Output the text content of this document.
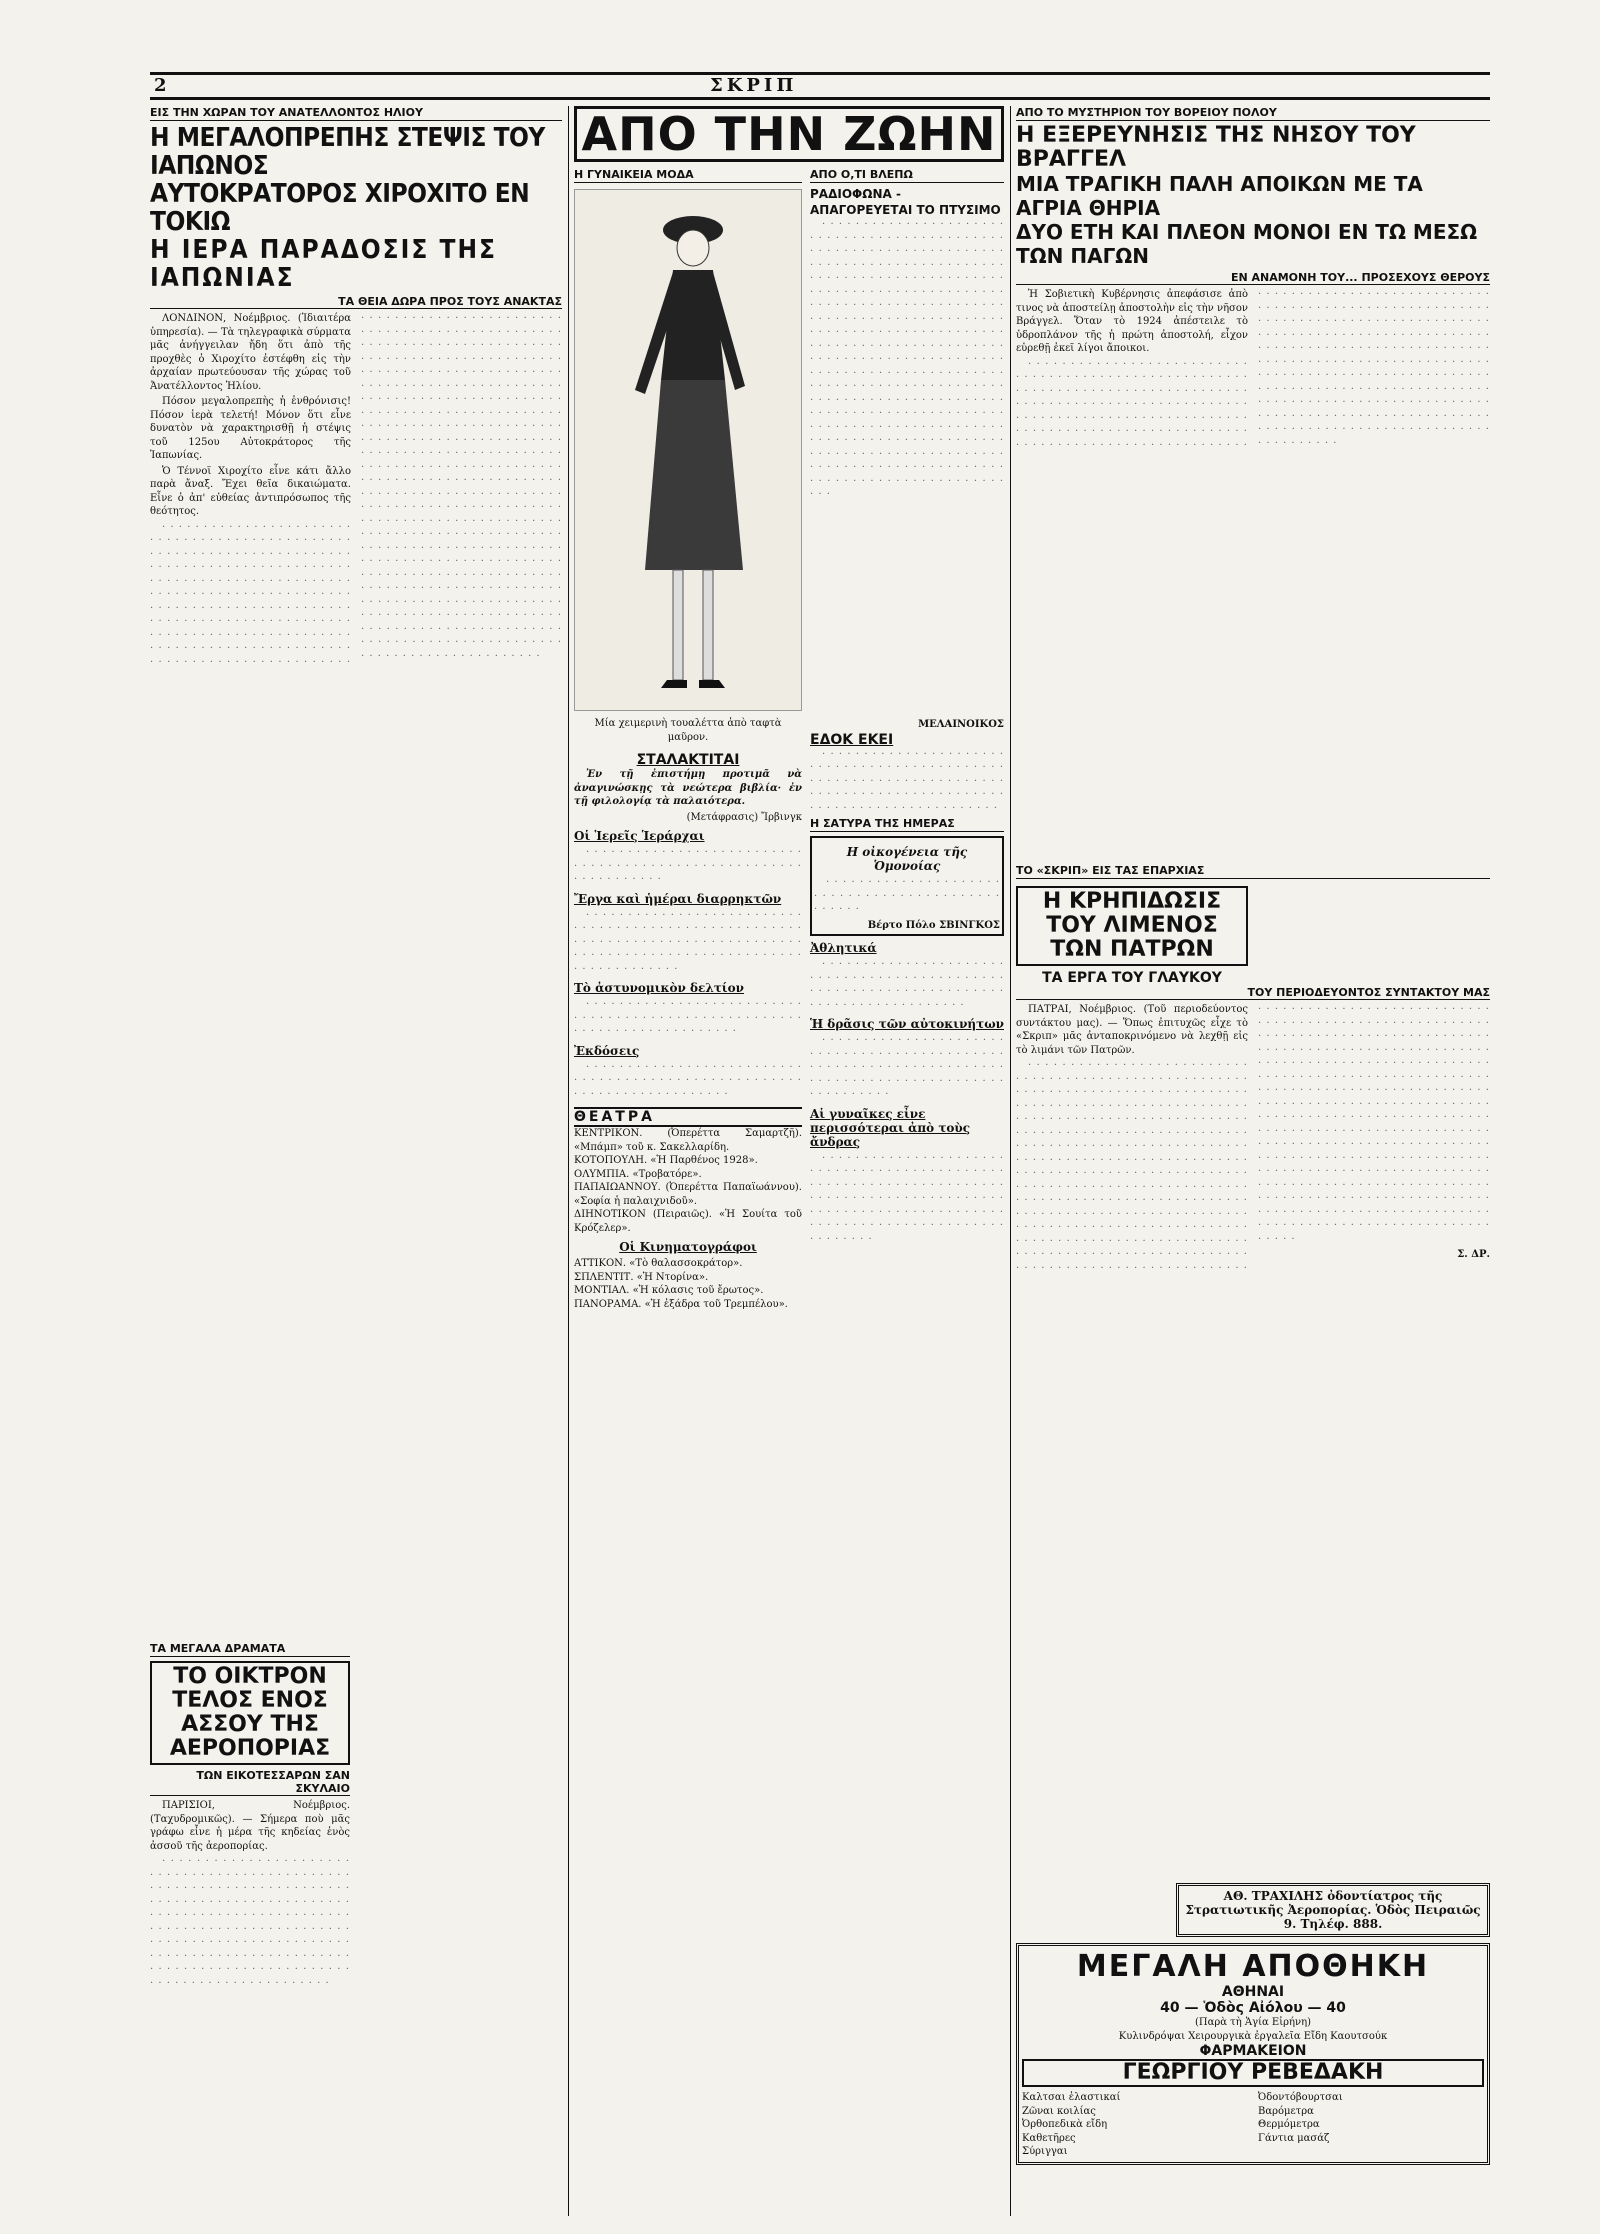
2	ΣΚΡΙΠ
ΕΙΣ ΤΗΝ ΧΩΡΑΝ ΤΟΥ ΑΝΑΤΕΛΛΟΝΤΟΣ ΗΛΙΟΥ
Η ΜΕΓΑΛΟΠΡΕΠΗΣ ΣΤΕΨΙΣ ΤΟΥ ΙΑΠΩΝΟΣ
ΑΥΤΟΚΡΑΤΟΡΟΣ ΧΙΡΟΧΙΤΟ ΕΝ ΤΟΚΙΩ
Η ΙΕΡΑ ΠΑΡΑΔΟΣΙΣ ΤΗΣ ΙΑΠΩΝΙΑΣ
ΤΑ ΘΕΙΑ ΔΩΡΑ ΠΡΟΣ ΤΟΥΣ ΑΝΑΚΤΑΣ

ΛΟΝΔΙΝΟΝ, Νοέμβριος. (Ἰδιαιτέρα ὑπηρεσία). — Τὰ τηλεγραφικὰ σύρματα μᾶς ἀνήγγειλαν ἤδη ὅτι ἀπὸ τῆς προχθὲς ὁ Χιροχίτο ἐστέφθη εἰς τὴν ἀρχαίαν πρωτεύουσαν τῆς χώρας τοῦ Ἀνατέλλοντος Ἡλίου.

Πόσον μεγαλοπρεπὴς ἡ ἐνθρόνισις! Πόσον ἱερὰ τελετή! Μόνον ὅτι εἶνε δυνατὸν νὰ χαρακτηρισθῇ ἡ στέψις τοῦ 125ου Αὐτοκράτορος τῆς Ἰαπωνίας.

Ὁ Τέννοϊ Χιροχίτο εἶνε κάτι ἄλλο παρὰ ἄναξ. Ἔχει θεῖα δικαιώματα. Εἶνε ὁ ἀπ' εὐθείας ἀντιπρόσωπος τῆς θεότητος.

· · · · · · · · · · · · · · · · · · · · · · · · · · · · · · · · · · · · · · · · · · · · · · · · · · · · · · · · · · · · · · · · · · · · · · · · · · · · · · · · · · · · · · · · · · · · · · · · · · · · · · · · · · · · · · · · · · · · · · · · · · · · · · · · · · · · · · · · · · · · · · · · · · · · · · · · · · · · · · · · · · · · · · · · · · · · · · · · · · · · · · · · · · · · · · · · · · · · · · · · · · · · · · · · · · · · · · · · · · · · · · · · · · · · · · · · · · · · · · · · · · · · · · · · · · · · · · · · · · · · · · · · · · · · · · · · · · · · · · · · · · · · · · · · · · · · · · · · · · · · · · · · · · · · · · · · · · · · · · · · · · · · · · · · · · · · · · · · · · · · · · · · · · · · · · · · · · · · · · · · · · · · · · · · · · · · · · · · · · · · · · · · · · · · · · · · · · · · · · · · · · · · · · · · · · · · · · · · · · · · · · · · · · · · · · · · · · · · · · · · · · · · · · · · · · · · · · · · · · · · · · · · · · · · · · · · · · · · · · · · · · · · · · · · · · · · · · · · · · · · · · · · · · · · · · · · · · · · · · · · · · · · · · · · · · · · · · · · · · · · · · · · · · · · · · · · · · · · · · · · · · · · · · · · · · · · · · · · · · · · · · · · · · · · · · · · · · · · · · · · · · · · · · · · · · · · · · · · · · · · · · · · · · · · · · · · · · · · · · · · · · · · · · · · · · · · · · · · · · · · · · · · · · · · · · · · · · · · · · · · · · · · · · · · · · · · · · · · · · · · · · · · · · · · · · · · · · · · · · · · · · · · · · · · · · · · · · · · · · · · · · · · · · · · · · · · · · · · · · · · · · · · · · · · · · · · · · · · · · · · · · · · · · · · · · · · · · · · · · · · · · · · · · · · · · · · · · · · · · · · · · · · · · · · · · · · · · · · · · · · · · · · · · · · · · · · · · · · · · · · · · · · · · · · · · · · · · · · · · · · · · · · ·

ΤΑ ΜΕΓΑΛΑ ΔΡΑΜΑΤΑ
ΤΟ ΟΙΚΤΡΟΝ ΤΕΛΟΣ ΕΝΟΣ ΑΣΣΟΥ ΤΗΣ ΑΕΡΟΠΟΡΙΑΣ
ΤΩΝ ΕΙΚΟΤΕΣΣΑΡΩΝ ΣΑΝ ΣΚΥΛΑΙΟ

ΠΑΡΙΣΙΟΙ, Νοέμβριος. (Ταχυδρομικῶς). — Σήμερα ποὺ μᾶς γράφω εἶνε ἡ μέρα τῆς κηδείας ἑνὸς ἀσσοῦ τῆς ἀεροπορίας.

· · · · · · · · · · · · · · · · · · · · · · · · · · · · · · · · · · · · · · · · · · · · · · · · · · · · · · · · · · · · · · · · · · · · · · · · · · · · · · · · · · · · · · · · · · · · · · · · · · · · · · · · · · · · · · · · · · · · · · · · · · · · · · · · · · · · · · · · · · · · · · · · · · · · · · · · · · · · · · · · · · · · · · · · · · · · · · · · · · · · · · · · · · · · · · · · · · · · · · · · · · · · · · · · · · · · · · · · · · · · · · · · · · · · · · · · · · · ·

ΑΠΟ ΤΗΝ ΖΩΗΝ
Η ΓΥΝΑΙΚΕΙΑ ΜΟΔΑ
Μία χειμερινὴ τουαλέττα ἀπὸ ταφτὰ μαῦρον.
ΣΤΑΛΑΚΤΙΤΑΙ

Ἐν τῇ ἐπιστήμῃ προτιμᾶ νὰ ἀναγινώσκῃς τὰ νεώτερα βιβλία· ἐν τῇ φιλολογίᾳ τὰ παλαιότερα.

(Μετάφρασις) Ἴρβινγκ
Οἱ Ἱερεῖς Ἱεράρχαι

· · · · · · · · · · · · · · · · · · · · · · · · · · · · · · · · · · · · · · · · · · · · · · · · · · · · · · · · · · · · · · · ·

Ἔργα καὶ ἡμέραι διαρρηκτῶν

· · · · · · · · · · · · · · · · · · · · · · · · · · · · · · · · · · · · · · · · · · · · · · · · · · · · · · · · · · · · · · · · · · · · · · · · · · · · · · · · · · · · · · · · · · · · · · · · · · · · · · · · · · · · · · · · · · · · · · · ·

Τὸ ἀστυνομικὸν δελτίον

· · · · · · · · · · · · · · · · · · · · · · · · · · · · · · · · · · · · · · · · · · · · · · · · · · · · · · · · · · · · · · · · · · · · · · · · ·

Ἐκδόσεις

· · · · · · · · · · · · · · · · · · · · · · · · · · · · · · · · · · · · · · · · · · · · · · · · · · · · · · · · · · · · · · · · · · · · · · · ·

ΘΕΑΤΡΑ
ΚΕΝΤΡΙΚΟΝ. (Ὀπερέττα Σαμαρτζῆ). «Μπάμπ» τοῦ κ. Σακελλαρίδη.
ΚΟΤΟΠΟΥΛΗ. «Ἡ Παρθένος 1928».
ΟΛΥΜΠΙΑ. «Τροβατόρε».
ΠΑΠΑΙΩΑΝΝΟΥ. (Ὀπερέττα Παπαϊωάννου). «Σοφία ἡ παλαιχνιδοῦ».
ΔΙΗΝΟΤΙΚΟΝ (Πειραιῶς). «Ἡ Σουίτα τοῦ Κρόζελερ».
Οἱ Κινηματογράφοι
ΑΤΤΙΚΟΝ. «Τὸ θαλασσοκράτορ».
ΣΠΛΕΝΤΙΤ. «Ἡ Ντορίνα».
ΜΟΝΤΙΑΛ. «Ἡ κόλασις τοῦ ἔρωτος».
ΠΑΝΟΡΑΜΑ. «Ἡ ἐξάδρα τοῦ Τρεμπέλου».
ΑΠΟ Ο,ΤΙ ΒΛΕΠΩ
ΡΑΔΙΟΦΩΝΑ - ΑΠΑΓΟΡΕΥΕΤΑΙ ΤΟ ΠΤΥΣΙΜΟ

· · · · · · · · · · · · · · · · · · · · · · · · · · · · · · · · · · · · · · · · · · · · · · · · · · · · · · · · · · · · · · · · · · · · · · · · · · · · · · · · · · · · · · · · · · · · · · · · · · · · · · · · · · · · · · · · · · · · · · · · · · · · · · · · · · · · · · · · · · · · · · · · · · · · · · · · · · · · · · · · · · · · · · · · · · · · · · · · · · · · · · · · · · · · · · · · · · · · · · · · · · · · · · · · · · · · · · · · · · · · · · · · · · · · · · · · · · · · · · · · · · · · · · · · · · · · · · · · · · · · · · · · · · · · · · · · · · · · · · · · · · · · · · · · · · · · · · · · · · · · · · · · · · · · · · · · · · · · · · · · · · · · · · · · · · · · · · · · · · · · · · · · · · · · · · · · · · · · · · · · · · · · · · · · · · · · · · · · · · · · · · · · · · · · · · · · · · · · · · · · · · · · · · · · · · · · · · · · · · · · · · · · · · · · · · · · · · · · · · · · · · · · · · · · · · · · · · · · · · · · · ·

ΜΕΛΑΙΝΟΙΚΟΣ
ΕΔΟΚ ΕΚΕΙ

· · · · · · · · · · · · · · · · · · · · · · · · · · · · · · · · · · · · · · · · · · · · · · · · · · · · · · · · · · · · · · · · · · · · · · · · · · · · · · · · · · · · · · · · · · · · · · · · · · · · · · · · · · · · · · · · · ·

Η ΣΑΤΥΡΑ ΤΗΣ ΗΜΕΡΑΣ
Η οἰκογένεια τῆς Ὁμονοίας

· · · · · · · · · · · · · · · · · · · · · · · · · · · · · · · · · · · · · · · · · · · · · · · · ·

Βέρτο Πόλο ΣΒΙΝΓΚΟΣ
Ἀθλητικά

· · · · · · · · · · · · · · · · · · · · · · · · · · · · · · · · · · · · · · · · · · · · · · · · · · · · · · · · · · · · · · · · · · · · · · · · · · · · · · · · · · · · · · ·

Ἡ δρᾶσις τῶν αὐτοκινήτων

· · · · · · · · · · · · · · · · · · · · · · · · · · · · · · · · · · · · · · · · · · · · · · · · · · · · · · · · · · · · · · · · · · · · · · · · · · · · · · · · · · · · · · · · · · · · · · · · · · · · ·

Αἱ γυναῖκες εἶνε περισσότεραι ἀπὸ τοὺς ἄνδρας

· · · · · · · · · · · · · · · · · · · · · · · · · · · · · · · · · · · · · · · · · · · · · · · · · · · · · · · · · · · · · · · · · · · · · · · · · · · · · · · · · · · · · · · · · · · · · · · · · · · · · · · · · · · · · · · · · · · · · · · · · · · · · · · · · · · · · · · · · · · · · · · · ·

ΑΠΟ ΤΟ ΜΥΣΤΗΡΙΟΝ ΤΟΥ ΒΟΡΕΙΟΥ ΠΟΛΟΥ
Η ΕΞΕΡΕΥΝΗΣΙΣ ΤΗΣ ΝΗΣΟΥ ΤΟΥ ΒΡΑΓΓΕΛ
ΜΙΑ ΤΡΑΓΙΚΗ ΠΑΛΗ ΑΠΟΙΚΩΝ ΜΕ ΤΑ ΑΓΡΙΑ ΘΗΡΙΑ
ΔΥΟ ΕΤΗ ΚΑΙ ΠΛΕΟΝ ΜΟΝΟΙ ΕΝ ΤΩ ΜΕΣΩ ΤΩΝ ΠΑΓΩΝ
ΕΝ ΑΝΑΜΟΝΗ ΤΟΥ... ΠΡΟΣΕΧΟΥΣ ΘΕΡΟΥΣ

Ἡ Σοβιετικὴ Κυβέρνησις ἀπεφάσισε ἀπὸ τινος νὰ ἀποστείλῃ ἀποστολὴν εἰς τὴν νῆσον Βράγγελ. Ὅταν τὸ 1924 ἀπέστειλε τὸ ὑδροπλάνον τῆς ἡ πρώτη ἀποστολή, εἶχον εὑρεθῇ ἐκεῖ λίγοι ἄποικοι.

· · · · · · · · · · · · · · · · · · · · · · · · · · · · · · · · · · · · · · · · · · · · · · · · · · · · · · · · · · · · · · · · · · · · · · · · · · · · · · · · · · · · · · · · · · · · · · · · · · · · · · · · · · · · · · · · · · · · · · · · · · · · · · · · · · · · · · · · · · · · · · · · · · · · · · · · · · · · · · · · · · · · · · · · · · · · · · · · · · · · · · · · · · · · · · · · · · · · · · · · · · · · · · · · · · · · · · · · · · · · · · · · · · · · · · · · · · · · · · · · · · · · · · · · · · · · · · · · · · · · · · · · · · · · · · · · · · · · · · · · · · · · · · · · · · · · · · · · · · · · · · · · · · · · · · · · · · · · · · · · · · · · · · · · · · · · · · · · · · · · · · · · · · · · · · · · · · · · · · · · · · · · · · · · · · · · · · · · · · · · · · · · · · · · · · · · · · · · · · · · · · · · · · · · · · · · · · · · · · · · · · · · · · · · · · · · · · · · · · · · · · · · · · · · · · · · · · · · · · · · · · · · · · · · · · · · · · · · · · · · · · · · · · · · · · · · · · · · · · · · · · · · · · · · · · · ·

ΤΟ «ΣΚΡΙΠ» ΕΙΣ ΤΑΣ ΕΠΑΡΧΙΑΣ
Η ΚΡΗΠΙΔΩΣΙΣ ΤΟΥ ΛΙΜΕΝΟΣ ΤΩΝ ΠΑΤΡΩΝ
ΤΑ ΕΡΓΑ ΤΟΥ ΓΛΑΥΚΟΥ
ΤΟΥ ΠΕΡΙΟΔΕΥΟΝΤΟΣ ΣΥΝΤΑΚΤΟΥ ΜΑΣ

ΠΑΤΡΑΙ, Νοέμβριος. (Τοῦ περιοδεύοντος συντάκτου μας). — Ὅπως ἐπιτυχῶς εἶχε τὸ «Σκριπ» μᾶς ἀνταποκρινόμενο νὰ λεχθῇ εἰς τὸ λιμάνι τῶν Πατρῶν.

· · · · · · · · · · · · · · · · · · · · · · · · · · · · · · · · · · · · · · · · · · · · · · · · · · · · · · · · · · · · · · · · · · · · · · · · · · · · · · · · · · · · · · · · · · · · · · · · · · · · · · · · · · · · · · · · · · · · · · · · · · · · · · · · · · · · · · · · · · · · · · · · · · · · · · · · · · · · · · · · · · · · · · · · · · · · · · · · · · · · · · · · · · · · · · · · · · · · · · · · · · · · · · · · · · · · · · · · · · · · · · · · · · · · · · · · · · · · · · · · · · · · · · · · · · · · · · · · · · · · · · · · · · · · · · · · · · · · · · · · · · · · · · · · · · · · · · · · · · · · · · · · · · · · · · · · · · · · · · · · · · · · · · · · · · · · · · · · · · · · · · · · · · · · · · · · · · · · · · · · · · · · · · · · · · · · · · · · · · · · · · · · · · · · · · · · · · · · · · · · · · · · · · · · · · · · · · · · · · · · · · · · · · · · · · · · · · · · · · · · · · · · · · · · · · · · · · · · · · · · · · · · · · · · · · · · · · · · · · · · · · · · · · · · · · · · · · · · · · · · · · · · · · · · · · · · · · · · · · · · · · · · · · · · · · · · · · · · · · · · · · · · · · · · · · · · · · · · · · · · · · · · · · · · · · · · · · · · · · · · · · · · · · · · · · · · · · · · · · · · · · · · · · · · · · · · · · · · · · · · · · · · · · · · · · · · · · · · · · · · · · · · · · · · · · · · · · · · · · · · · · · · · · · · · · · · · · · · · · · · · · · · · · · · · · · · · · · · · · · · · · · · · · · · · · · · · · · · · · · · · · · · · · · · · · · · · · · · · · · · · · · · · · · · · · · · · · · · · · · · · · · · · · · · · · · · · · · · · · · · · · · · · · · · · · · · · · · · · · · · · · · · · · · · · · · · · · · · · · · · · · · · · · · · · · · · · · · · · · · · · · · · · · · · · · · · · · · · · · · · · · · · · · · · · · · · · · · · · · · · · · · · · · · · · · · · · · · · · · · · · · · · · · · · · · · · · · · · · · · · · · · · · · ·

Σ. ΔΡ.
ΑΘ. ΤΡΑΧΙΛΗΣ ὀδοντίατρος τῆς Στρατιωτικῆς Ἀεροπορίας. Ὁδὸς Πειραιῶς 9. Τηλέφ. 888.
ΜΕΓΑΛΗ ΑΠΟΘΗΚΗ
ΑΘΗΝΑΙ
40 — Ὁδὸς Αἰόλου — 40
(Παρὰ τὴ Ἁγία Εἰρήνη)
Κυλινδρόψαι Χειρουργικὰ ἐργαλεῖα Εἴδη Καουτσούκ
ΦΑΡΜΑΚΕΙΟΝ
ΓΕΩΡΓΙΟΥ ΡΕΒΕΔΑΚΗ
Καλτσαι ἐλαστικαί
Ζῶναι κοιλίας
Ὀρθοπεδικὰ εἴδη
Καθετῆρες
Σύριγγαι
Ὀδοντόβουρτσαι
Βαρόμετρα
Θερμόμετρα
Γάντια μασάζ
